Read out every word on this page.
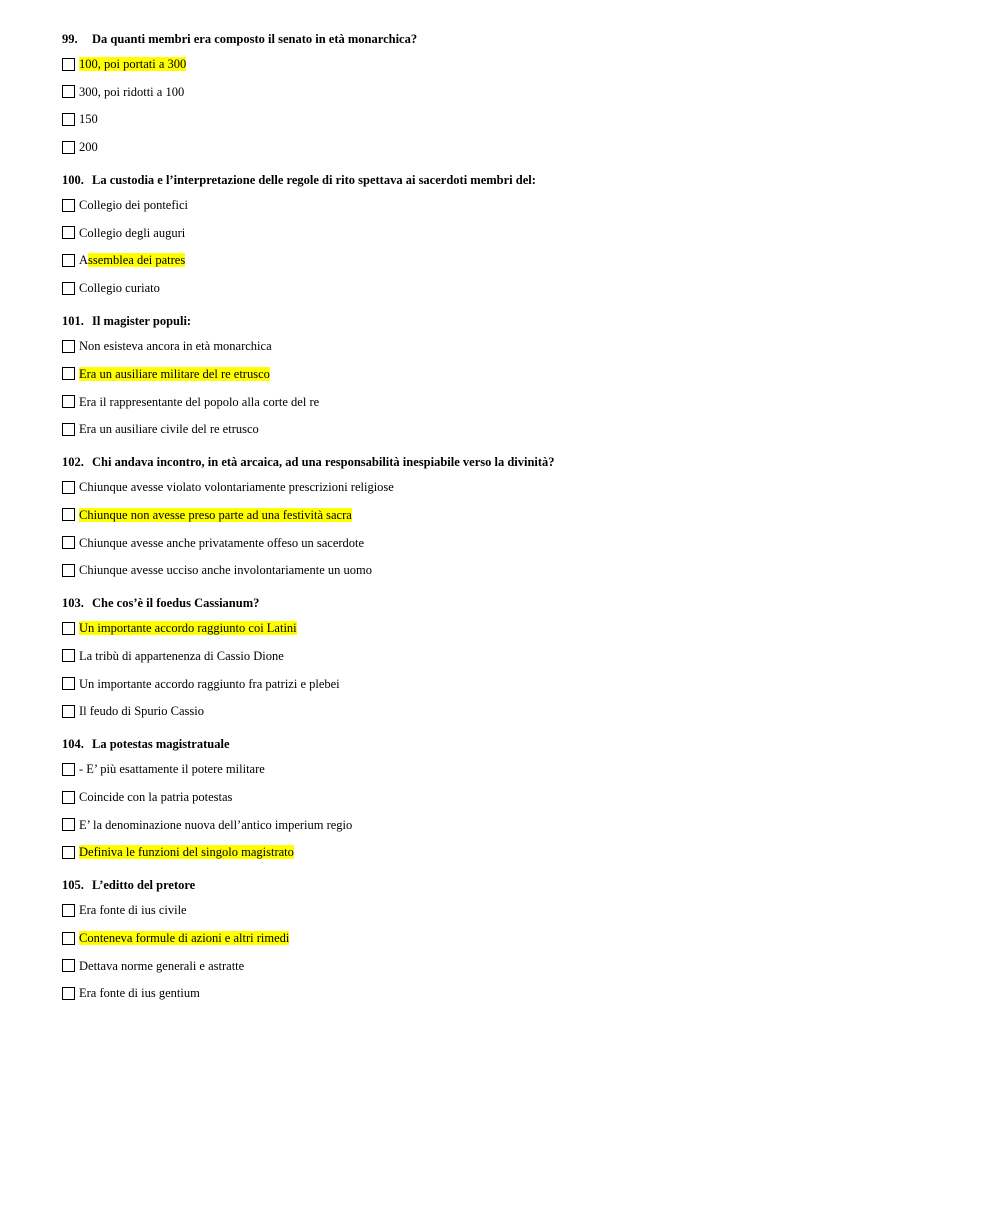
99. Da quanti membri era composto il senato in età monarchica?
100, poi portati a 300
300, poi ridotti a 100
150
200
100. La custodia e l’interpretazione delle regole di rito spettava ai sacerdoti membri del:
Collegio dei pontefici
Collegio degli auguri
Assemblea dei patres
Collegio curiato
101. Il magister populi:
Non esisteva ancora in età monarchica
Era un ausiliare militare del re etrusco
Era il rappresentante del popolo alla corte del re
Era un ausiliare civile del re etrusco
102. Chi andava incontro, in età arcaica, ad una responsabilità inespiabile verso la divinità?
Chiunque avesse violato volontariamente prescrizioni religiose
Chiunque non avesse preso parte ad una festività sacra
Chiunque avesse anche privatamente offeso un sacerdote
Chiunque avesse ucciso anche involontariamente un uomo
103. Che cos’è il foedus Cassianum?
Un importante accordo raggiunto coi Latini
La tribù di appartenenza di Cassio Dione
Un importante accordo raggiunto fra patrizi e plebei
Il feudo di Spurio Cassio
104. La potestas magistratuale
- E’ più esattamente il potere militare
Coincide con la patria potestas
E’ la denominazione nuova dell’antico imperium regio
Definiva le funzioni del singolo magistrato
105. L’editto del pretore
Era fonte di ius civile
Conteneva formule di azioni e altri rimedi
Dettava norme generali e astratte
Era fonte di ius gentium
